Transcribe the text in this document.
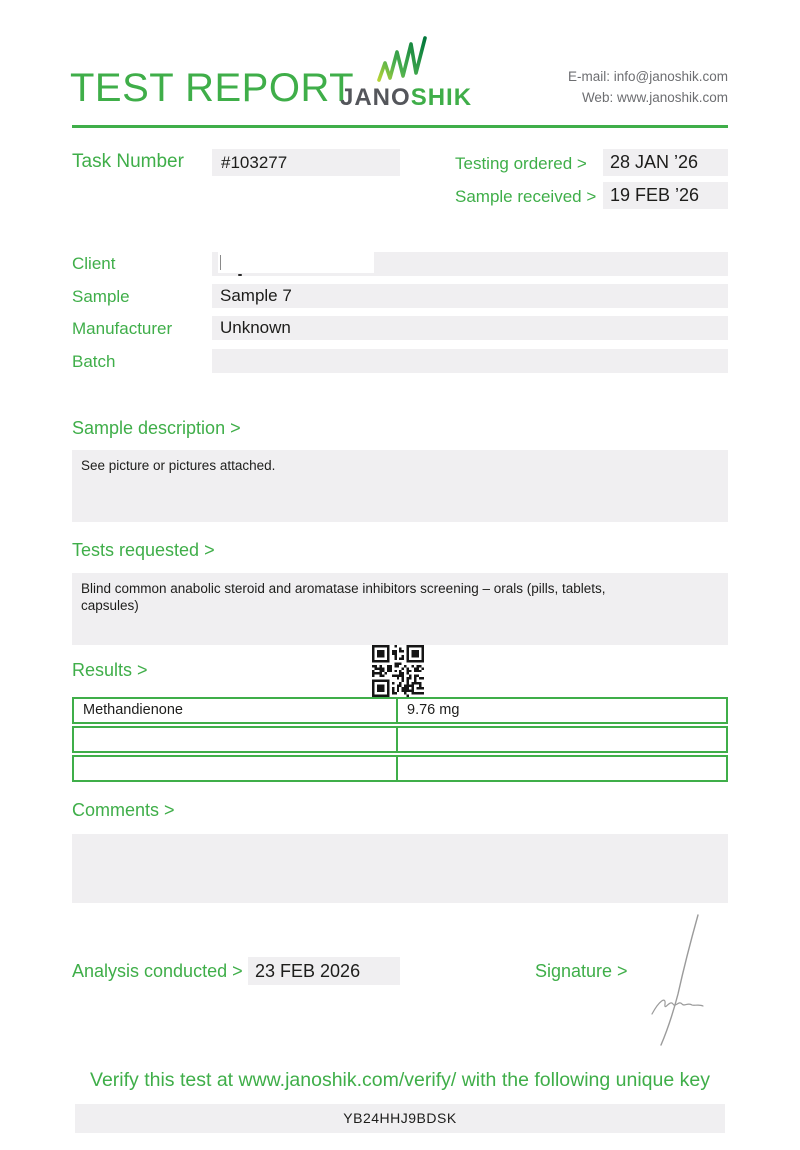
TEST REPORT
JANOSHIK
E-mail: info@janoshik.com
Web: www.janoshik.com
Task Number	#103277	Testing ordered >	28 JAN ’26
Sample received > 19 FEB ’26
Client
Sample	Sample 7
Manufacturer	Unknown
Batch
Sample description >
See picture or pictures attached.
Tests requested >
Blind common anabolic steroid and aromatase inhibitors screening – orals (pills, tablets, capsules)
Results >
Methandienone	9.76 mg
Comments >
Analysis conducted > 23 FEB 2026	Signature >
Verify this test at www.janoshik.com/verify/ with the following unique key
YB24HHJ9BDSK
